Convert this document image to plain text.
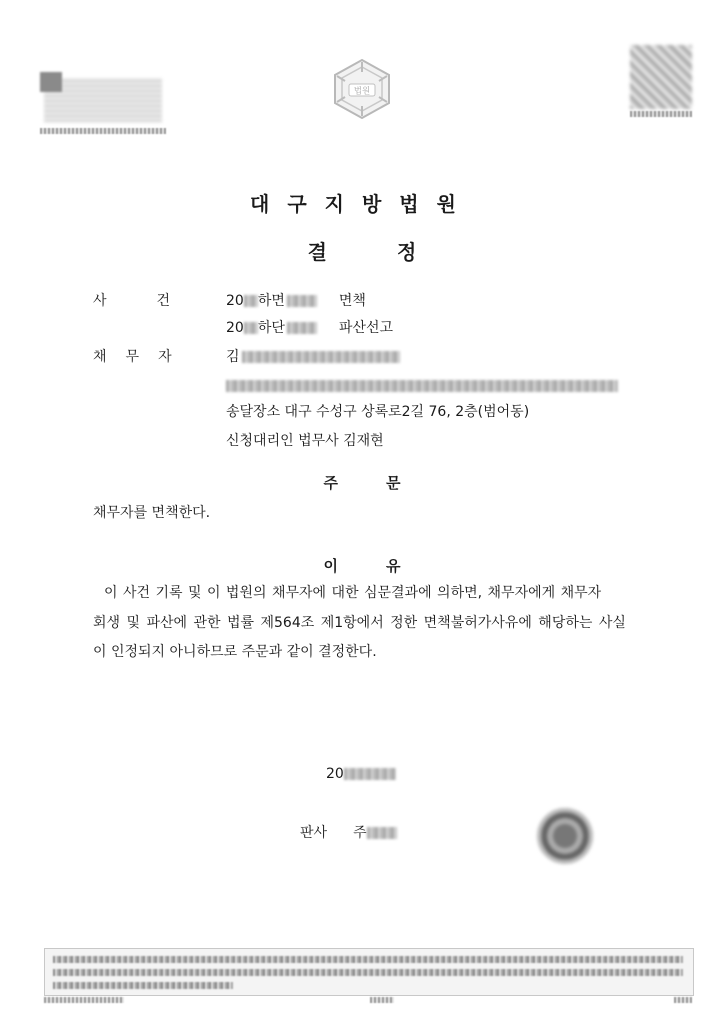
법원
대구지방법원
결	정
사	건	20 하면	면책
20 하단	파산선고
채 무 자	김
송달장소 대구 수성구 상록로2길 76, 2층(범어동)
신청대리인 법무사 김재현
주	문
채무자를 면책한다.
이	유
이 사건 기록 및 이 법원의 채무자에 대한 심문결과에 의하면, 채무자에게 채무자
회생 및 파산에 관한 법률 제564조 제1항에서 정한 면책불허가사유에 해당하는 사실
이 인정되지 아니하므로 주문과 같이 결정한다.
20
판사 주
